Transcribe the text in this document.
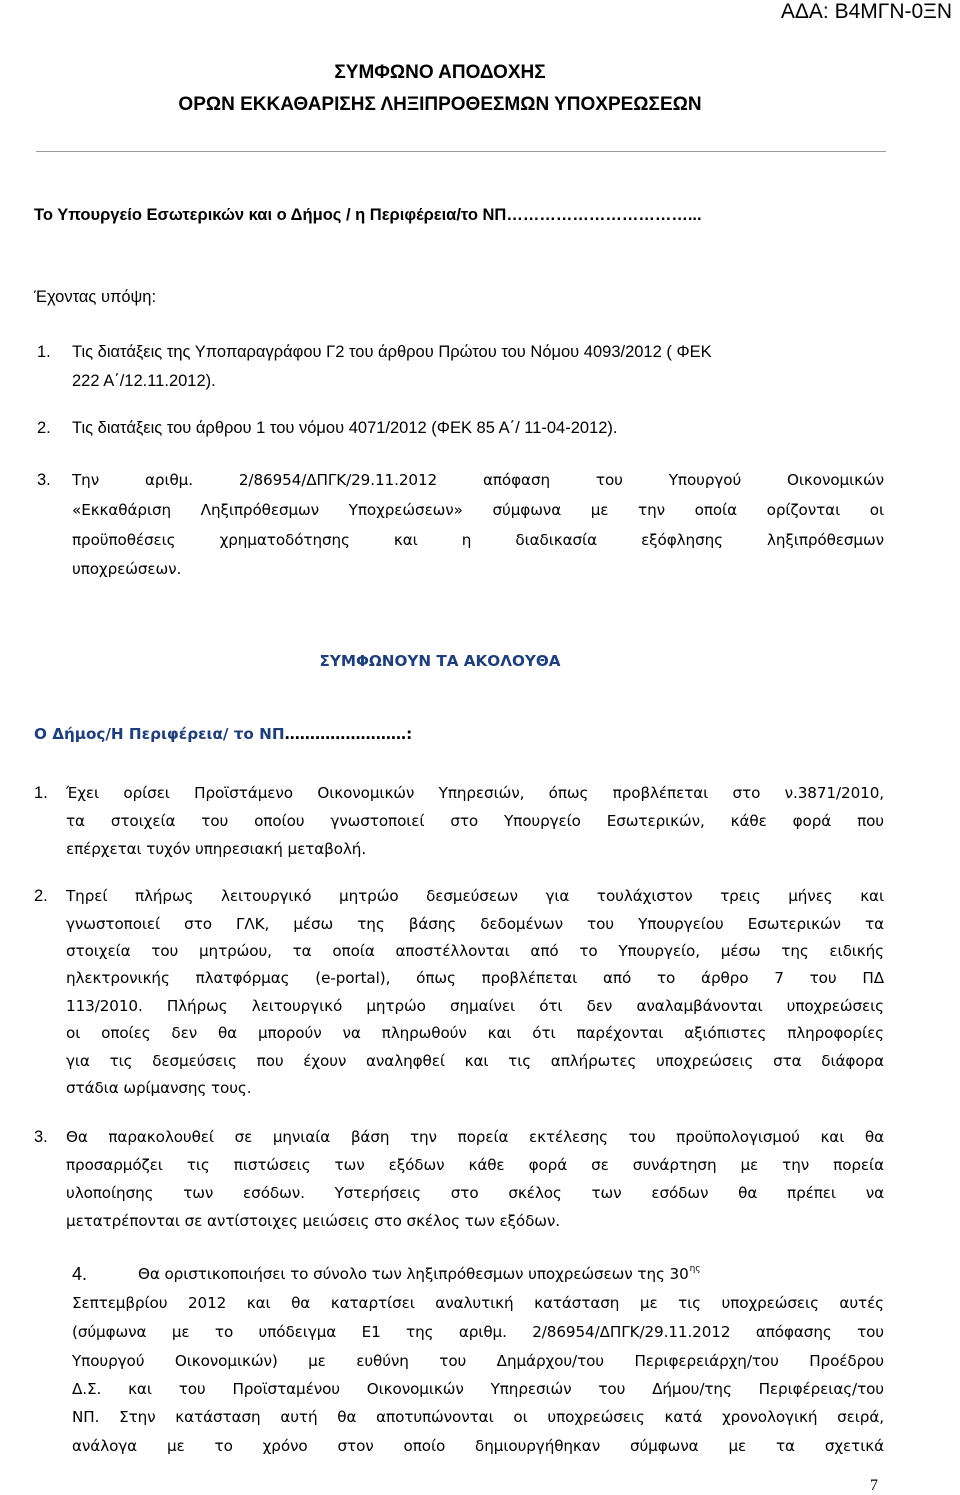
ΑΔΑ: Β4ΜΓΝ-0ΞΝ
ΣΥΜΦΩΝΟ ΑΠΟΔΟΧΗΣ
ΟΡΩΝ ΕΚΚΑΘΑΡΙΣΗΣ ΛΗΞΙΠΡΟΘΕΣΜΩΝ ΥΠΟΧΡΕΩΣΕΩΝ
Το Υπουργείο Εσωτερικών και ο Δήμος / η Περιφέρεια/το ΝΠ……………………………...
Έχοντας υπόψη:
1. Τις διατάξεις της Υποπαραγράφου Γ2 του άρθρου Πρώτου του Νόμου 4093/2012 ( ΦΕΚ
222 Α΄/12.11.2012).
2. Τις διατάξεις του άρθρου 1 του νόμου 4071/2012 (ΦΕΚ 85 Α΄/ 11-04-2012).
3. Την αριθμ. 2/86954/ΔΠΓΚ/29.11.2012 απόφαση του Υπουργού Οικονομικών
«Εκκαθάριση Ληξιπρόθεσμων Υποχρεώσεων» σύμφωνα με την οποία ορίζονται οι
προϋποθέσεις χρηματοδότησης και η διαδικασία εξόφλησης ληξιπρόθεσμων
υποχρεώσεων.
ΣΥΜΦΩΝΟΥΝ ΤΑ ΑΚΟΛΟΥΘΑ
Ο Δήμος/Η Περιφέρεια/ το ΝΠ……………………:
1. Έχει ορίσει Προϊστάμενο Οικονομικών Υπηρεσιών, όπως προβλέπεται στο ν.3871/2010,
τα στοιχεία του οποίου γνωστοποιεί στο Υπουργείο Εσωτερικών, κάθε φορά που
επέρχεται τυχόν υπηρεσιακή μεταβολή.
2. Τηρεί πλήρως λειτουργικό μητρώο δεσμεύσεων για τουλάχιστον τρεις μήνες και
γνωστοποιεί στο ΓΛΚ, μέσω της βάσης δεδομένων του Υπουργείου Εσωτερικών τα
στοιχεία του μητρώου, τα οποία αποστέλλονται από το Υπουργείο, μέσω της ειδικής
ηλεκτρονικής πλατφόρμας (e-portal), όπως προβλέπεται από το άρθρο 7 του ΠΔ
113/2010. Πλήρως λειτουργικό μητρώο σημαίνει ότι δεν αναλαμβάνονται υποχρεώσεις
οι οποίες δεν θα μπορούν να πληρωθούν και ότι παρέχονται αξιόπιστες πληροφορίες
για τις δεσμεύσεις που έχουν αναληφθεί και τις απλήρωτες υποχρεώσεις στα διάφορα
στάδια ωρίμανσης τους.
3. Θα παρακολουθεί σε μηνιαία βάση την πορεία εκτέλεσης του προϋπολογισμού και θα
προσαρμόζει τις πιστώσεις των εξόδων κάθε φορά σε συνάρτηση με την πορεία
υλοποίησης των εσόδων. Υστερήσεις στο σκέλος των εσόδων θα πρέπει να
μετατρέπονται σε αντίστοιχες μειώσεις στο σκέλος των εξόδων.
4.	Θα οριστικοποιήσει το σύνολο των ληξιπρόθεσμων υποχρεώσεων της $30^{\eta\varsigma}$
Σεπτεμβρίου 2012 και θα καταρτίσει αναλυτική κατάσταση με τις υποχρεώσεις αυτές
(σύμφωνα με το υπόδειγμα Ε1 της αριθμ. 2/86954/ΔΠΓΚ/29.11.2012 απόφασης του
Υπουργού Οικονομικών) με ευθύνη του Δημάρχου/του Περιφερειάρχη/του Προέδρου
Δ.Σ. και του Προϊσταμένου Οικονομικών Υπηρεσιών του Δήμου/της Περιφέρειας/του
ΝΠ. Στην κατάσταση αυτή θα αποτυπώνονται οι υποχρεώσεις κατά χρονολογική σειρά,
ανάλογα με το χρόνο στον οποίο δημιουργήθηκαν σύμφωνα με τα σχετικά
7
